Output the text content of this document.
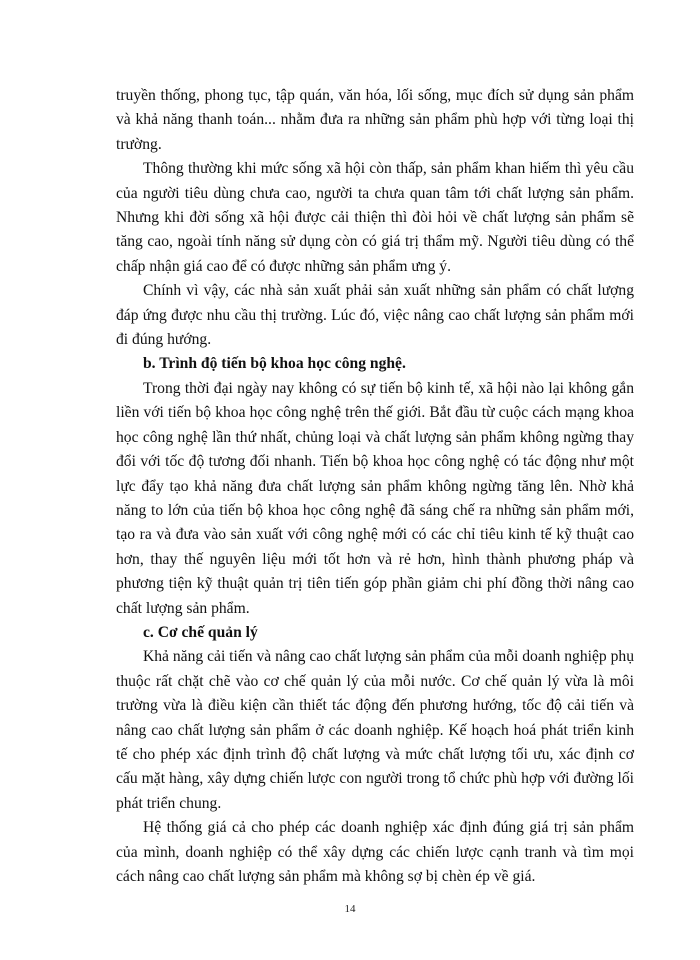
truyền thống, phong tục, tập quán, văn hóa, lối sống, mục đích sử dụng sản phẩm và khả năng thanh toán... nhằm đưa ra những sản phẩm phù hợp với từng loại thị trường.

Thông thường khi mức sống xã hội còn thấp, sản phẩm khan hiếm thì yêu cầu của người tiêu dùng chưa cao, người ta chưa quan tâm tới chất lượng sản phẩm. Nhưng khi đời sống xã hội được cải thiện thì đòi hỏi về chất lượng sản phẩm sẽ tăng cao, ngoài tính năng sử dụng còn có giá trị thẩm mỹ. Người tiêu dùng có thể chấp nhận giá cao để có được những sản phẩm ưng ý.

Chính vì vậy, các nhà sản xuất phải sản xuất những sản phẩm có chất lượng đáp ứng được nhu cầu thị trường. Lúc đó, việc nâng cao chất lượng sản phẩm mới đi đúng hướng.

b. Trình độ tiến bộ khoa học công nghệ.

Trong thời đại ngày nay không có sự tiến bộ kinh tế, xã hội nào lại không gắn liền với tiến bộ khoa học công nghệ trên thế giới. Bắt đầu từ cuộc cách mạng khoa học công nghệ lần thứ nhất, chủng loại và chất lượng sản phẩm không ngừng thay đổi với tốc độ tương đối nhanh. Tiến bộ khoa học công nghệ có tác động như một lực đẩy tạo khả năng đưa chất lượng sản phẩm không ngừng tăng lên. Nhờ khả năng to lớn của tiến bộ khoa học công nghệ đã sáng chế ra những sản phẩm mới, tạo ra và đưa vào sản xuất với công nghệ mới có các chỉ tiêu kinh tế kỹ thuật cao hơn, thay thế nguyên liệu mới tốt hơn và rẻ hơn, hình thành phương pháp và phương tiện kỹ thuật quản trị tiên tiến góp phần giảm chi phí đồng thời nâng cao chất lượng sản phẩm.

c. Cơ chế quản lý

Khả năng cải tiến và nâng cao chất lượng sản phẩm của mỗi doanh nghiệp phụ thuộc rất chặt chẽ vào cơ chế quản lý của mỗi nước. Cơ chế quản lý vừa là môi trường vừa là điều kiện cần thiết tác động đến phương hướng, tốc độ cải tiến và nâng cao chất lượng sản phẩm ở các doanh nghiệp. Kế hoạch hoá phát triển kinh tế cho phép xác định trình độ chất lượng và mức chất lượng tối ưu, xác định cơ cấu mặt hàng, xây dựng chiến lược con người trong tổ chức phù hợp với đường lối phát triển chung.

Hệ thống giá cả cho phép các doanh nghiệp xác định đúng giá trị sản phẩm của mình, doanh nghiệp có thể xây dựng các chiến lược cạnh tranh và tìm mọi cách nâng cao chất lượng sản phẩm mà không sợ bị chèn ép về giá.

14
